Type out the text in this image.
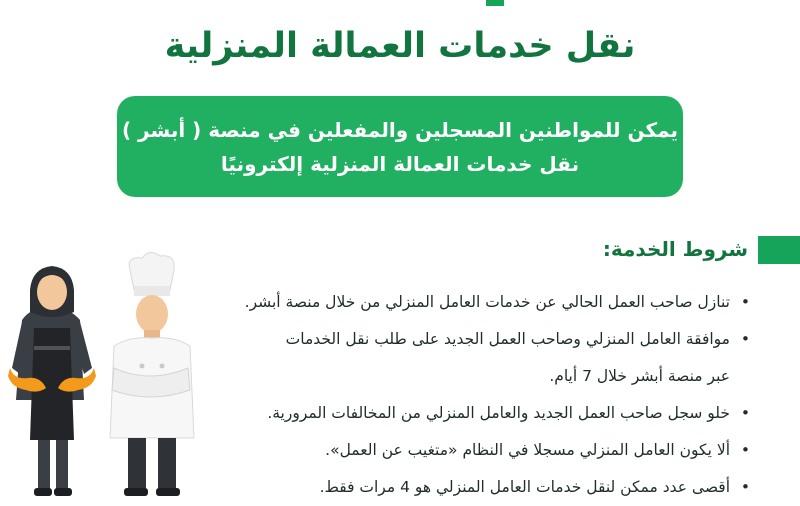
نقل خدمات العمالة المنزلية
يمكن للمواطنين المسجلين والمفعلين في منصة ( أبشر )
نقل خدمات العمالة المنزلية إلكترونيًا
شروط الخدمة:
• تنازل صاحب العمل الحالي عن خدمات العامل المنزلي من خلال منصة أبشر.
• موافقة العامل المنزلي وصاحب العمل الجديد على طلب نقل الخدمات
عبر منصة أبشر خلال 7 أيام.
• خلو سجل صاحب العمل الجديد والعامل المنزلي من المخالفات المرورية.
• ألا يكون العامل المنزلي مسجلا في النظام «متغيب عن العمل».
• أقصى عدد ممكن لنقل خدمات العامل المنزلي هو 4 مرات فقط.
